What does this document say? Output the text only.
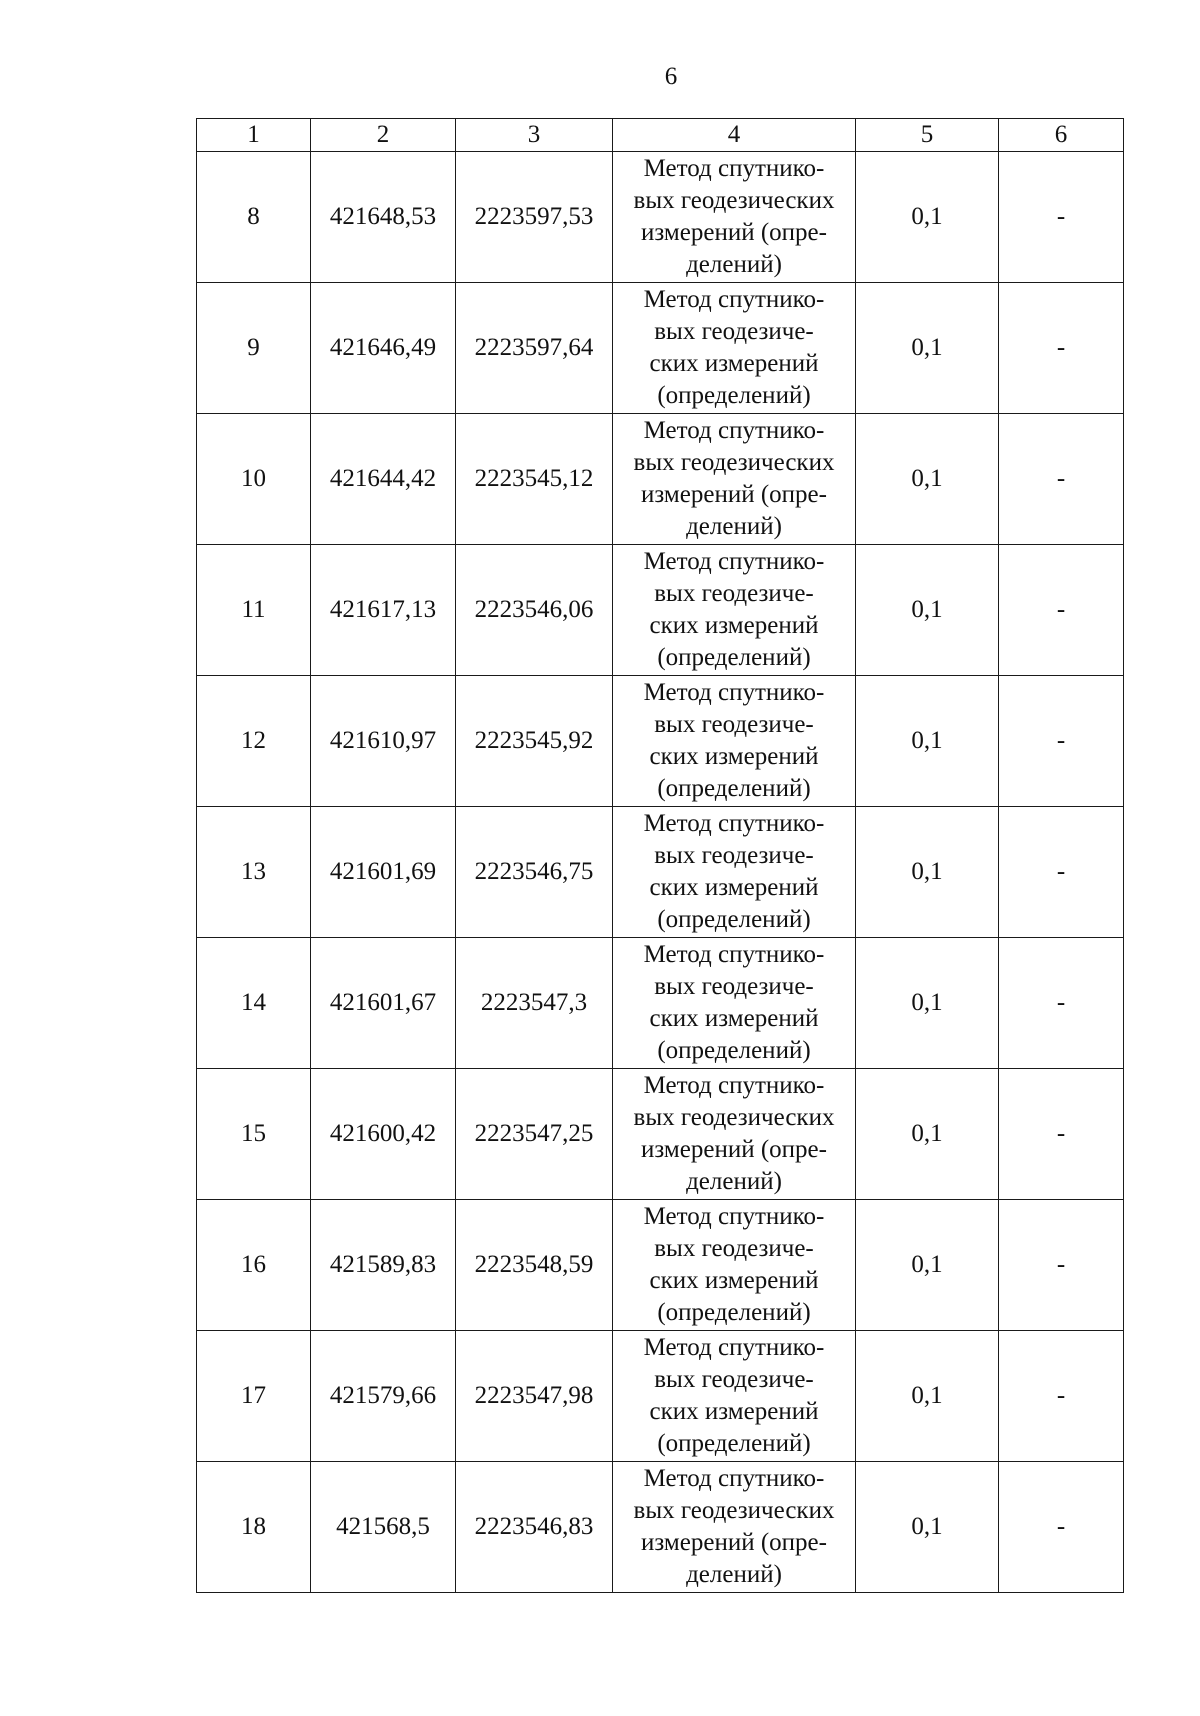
6
1	2	3	4	5	6
8	421648,53	2223597,53	Метод спутнико-
вых геодезических
измерений (опре-
делений)	0,1	-
9	421646,49	2223597,64	Метод спутнико-
вых геодезиче-
ских измерений
(определений)	0,1	-
10	421644,42	2223545,12	Метод спутнико-
вых геодезических
измерений (опре-
делений)	0,1	-
11	421617,13	2223546,06	Метод спутнико-
вых геодезиче-
ских измерений
(определений)	0,1	-
12	421610,97	2223545,92	Метод спутнико-
вых геодезиче-
ских измерений
(определений)	0,1	-
13	421601,69	2223546,75	Метод спутнико-
вых геодезиче-
ских измерений
(определений)	0,1	-
14	421601,67	2223547,3	Метод спутнико-
вых геодезиче-
ских измерений
(определений)	0,1	-
15	421600,42	2223547,25	Метод спутнико-
вых геодезических
измерений (опре-
делений)	0,1	-
16	421589,83	2223548,59	Метод спутнико-
вых геодезиче-
ских измерений
(определений)	0,1	-
17	421579,66	2223547,98	Метод спутнико-
вых геодезиче-
ских измерений
(определений)	0,1	-
18	421568,5	2223546,83	Метод спутнико-
вых геодезических
измерений (опре-
делений)	0,1	-
